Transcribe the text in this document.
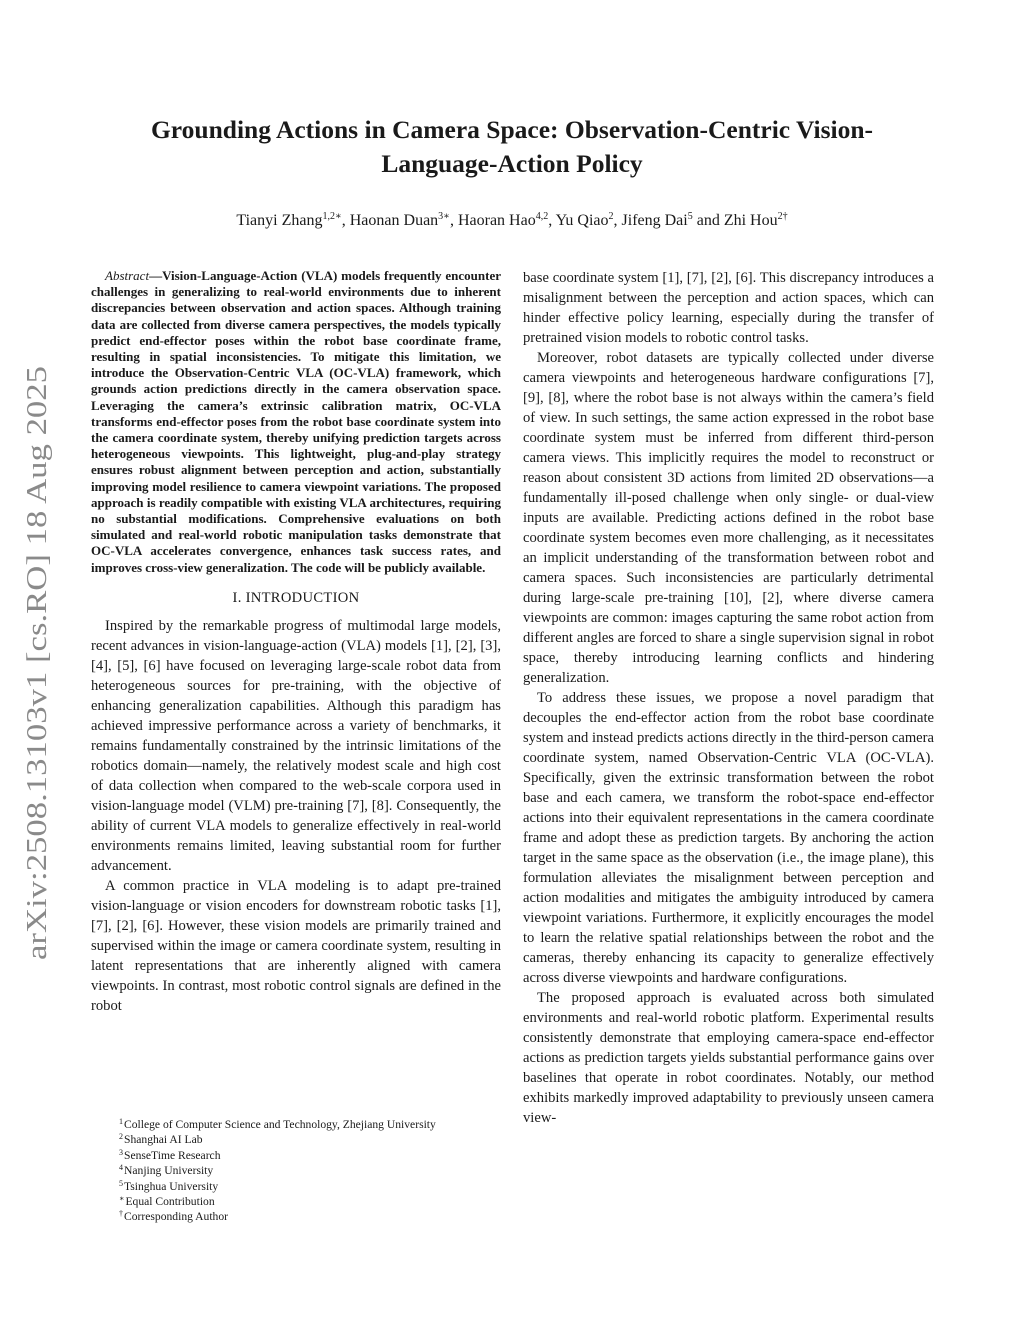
arXiv:2508.13103v1 [cs.RO] 18 Aug 2025
Grounding Actions in Camera Space: Observation-Centric Vision-Language-Action Policy
Tianyi Zhang$^{1,2∗}$, Haonan Duan$^{3∗}$, Haoran Hao$^{4,2}$, Yu Qiao$^2$, Jifeng Dai$^5$ and Zhi Hou$^{2\dagger}$

Abstract—Vision-Language-Action (VLA) models frequently encounter challenges in generalizing to real-world environments due to inherent discrepancies between observation and action spaces. Although training data are collected from diverse camera perspectives, the models typically predict end-effector poses within the robot base coordinate frame, resulting in spatial inconsistencies. To mitigate this limitation, we introduce the Observation-Centric VLA (OC-VLA) framework, which grounds action predictions directly in the camera observation space. Leveraging the camera’s extrinsic calibration matrix, OC-VLA transforms end-effector poses from the robot base coordinate system into the camera coordinate system, thereby unifying prediction targets across heterogeneous viewpoints. This lightweight, plug-and-play strategy ensures robust alignment between perception and action, substantially improving model resilience to camera viewpoint variations. The proposed approach is readily compatible with existing VLA architectures, requiring no substantial modifications. Comprehensive evaluations on both simulated and real-world robotic manipulation tasks demonstrate that OC-VLA accelerates convergence, enhances task success rates, and improves cross-view generalization. The code will be publicly available.

I. INTRODUCTION

Inspired by the remarkable progress of multimodal large models, recent advances in vision-language-action (VLA) models [1], [2], [3], [4], [5], [6] have focused on leveraging large-scale robot data from heterogeneous sources for pre-training, with the objective of enhancing generalization capabilities. Although this paradigm has achieved impressive performance across a variety of benchmarks, it remains fundamentally constrained by the intrinsic limitations of the robotics domain—namely, the relatively modest scale and high cost of data collection when compared to the web-scale corpora used in vision-language model (VLM) pre-training [7], [8]. Consequently, the ability of current VLA models to generalize effectively in real-world environments remains limited, leaving substantial room for further advancement.

A common practice in VLA modeling is to adapt pre-trained vision-language or vision encoders for downstream robotic tasks [1], [7], [2], [6]. However, these vision models are primarily trained and supervised within the image or camera coordinate system, resulting in latent representations that are inherently aligned with camera viewpoints. In contrast, most robotic control signals are defined in the robot

$^1$College of Computer Science and Technology, Zhejiang University
$^2$Shanghai AI Lab
$^3$SenseTime Research
$^4$Nanjing University
$^5$Tsinghua University
∗Equal Contribution
†Corresponding Author

base coordinate system [1], [7], [2], [6]. This discrepancy introduces a misalignment between the perception and action spaces, which can hinder effective policy learning, especially during the transfer of pretrained vision models to robotic control tasks.

Moreover, robot datasets are typically collected under diverse camera viewpoints and heterogeneous hardware configurations [7], [9], [8], where the robot base is not always within the camera’s field of view. In such settings, the same action expressed in the robot base coordinate system must be inferred from different third-person camera views. This implicitly requires the model to reconstruct or reason about consistent 3D actions from limited 2D observations—a fundamentally ill-posed challenge when only single- or dual-view inputs are available. Predicting actions defined in the robot base coordinate system becomes even more challenging, as it necessitates an implicit understanding of the transformation between robot and camera spaces. Such inconsistencies are particularly detrimental during large-scale pre-training [10], [2], where diverse camera viewpoints are common: images capturing the same robot action from different angles are forced to share a single supervision signal in robot space, thereby introducing learning conflicts and hindering generalization.

To address these issues, we propose a novel paradigm that decouples the end-effector action from the robot base coordinate system and instead predicts actions directly in the third-person camera coordinate system, named Observation-Centric VLA (OC-VLA). Specifically, given the extrinsic transformation between the robot base and each camera, we transform the robot-space end-effector actions into their equivalent representations in the camera coordinate frame and adopt these as prediction targets. By anchoring the action target in the same space as the observation (i.e., the image plane), this formulation alleviates the misalignment between perception and action modalities and mitigates the ambiguity introduced by camera viewpoint variations. Furthermore, it explicitly encourages the model to learn the relative spatial relationships between the robot and the cameras, thereby enhancing its capacity to generalize effectively across diverse viewpoints and hardware configurations.

The proposed approach is evaluated across both simulated environments and real-world robotic platform. Experimental results consistently demonstrate that employing camera-space end-effector actions as prediction targets yields substantial performance gains over baselines that operate in robot coordinates. Notably, our method exhibits markedly improved adaptability to previously unseen camera view-
